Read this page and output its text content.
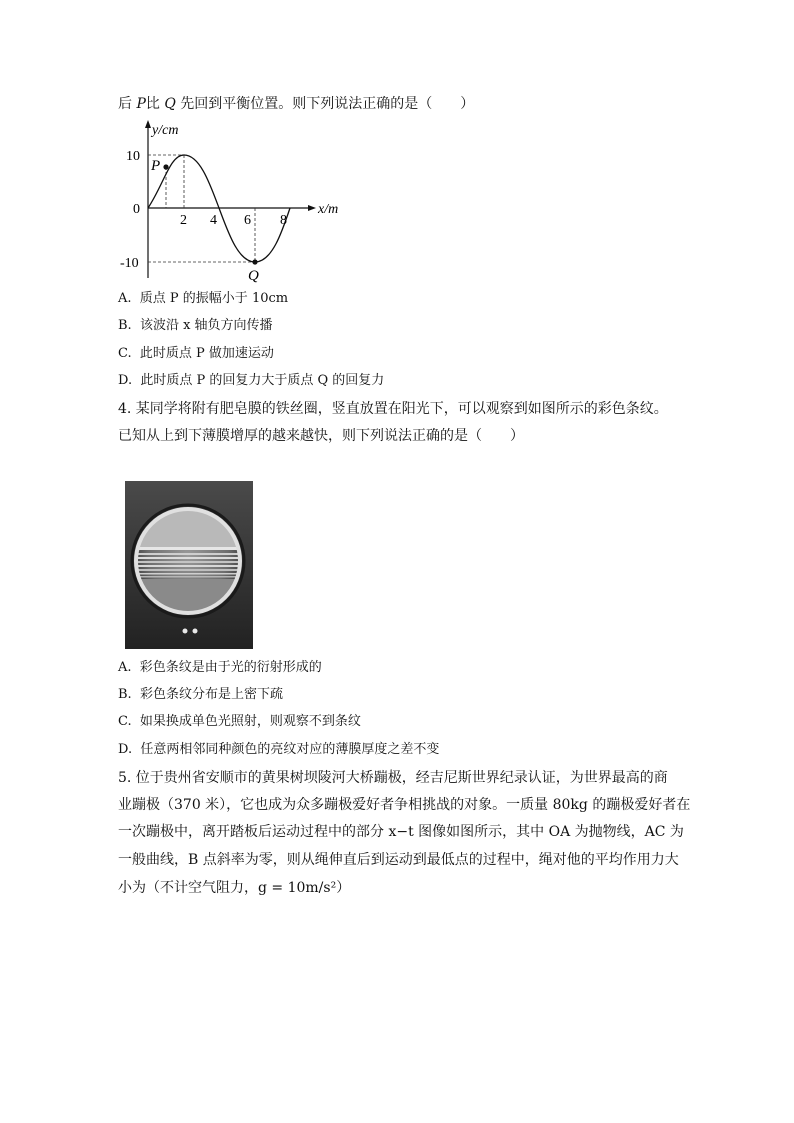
后 P比 Q 先回到平衡位置。则下列说法正确的是（　　）
y/cm
x/m
0
10
-10
2 4 6 8
P
Q
A. 质点 P 的振幅小于 10cm
B. 该波沿 x 轴负方向传播
C. 此时质点 P 做加速运动
D. 此时质点 P 的回复力大于质点 Q 的回复力
4. 某同学将附有肥皂膜的铁丝圈，竖直放置在阳光下，可以观察到如图所示的彩色条纹。
已知从上到下薄膜增厚的越来越快，则下列说法正确的是（　　）
A. 彩色条纹是由于光的衍射形成的
B. 彩色条纹分布是上密下疏
C. 如果换成单色光照射，则观察不到条纹
D. 任意两相邻同种颜色的亮纹对应的薄膜厚度之差不变
5. 位于贵州省安顺市的黄果树坝陵河大桥蹦极，经吉尼斯世界纪录认证，为世界最高的商
业蹦极（370 米），它也成为众多蹦极爱好者争相挑战的对象。一质量 80kg 的蹦极爱好者在
一次蹦极中，离开踏板后运动过程中的部分 x−t 图像如图所示，其中 OA 为抛物线，AC 为
一般曲线，B 点斜率为零，则从绳伸直后到运动到最低点的过程中，绳对他的平均作用力大
小为（不计空气阻力，g = 10m/s²）
